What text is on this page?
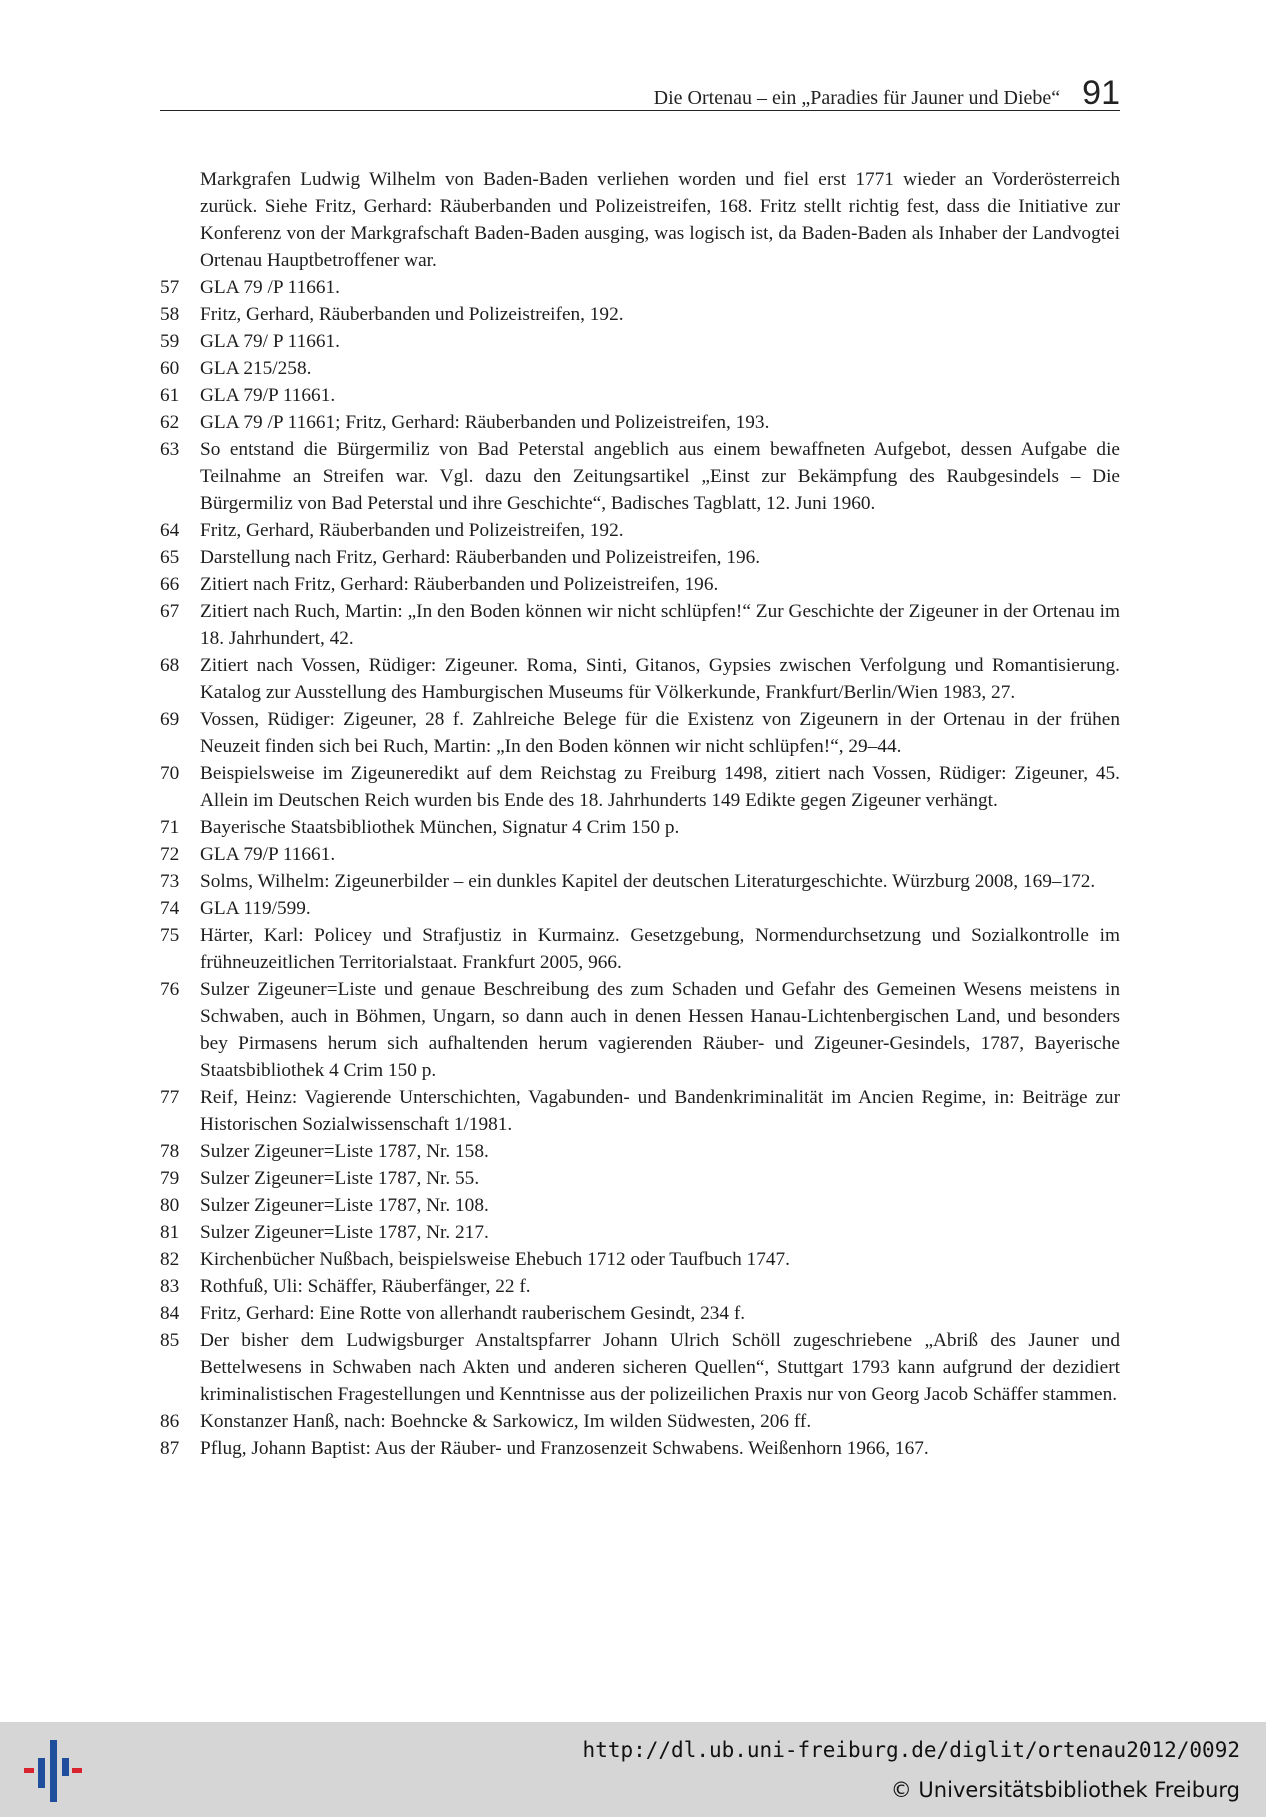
Die Ortenau – ein „Paradies für Jauner und Diebe“ 91

Markgrafen Ludwig Wilhelm von Baden-Baden verliehen worden und fiel erst 1771 wieder an Vorderösterreich zurück. Siehe Fritz, Gerhard: Räuberbanden und Polizeistreifen, 168. Fritz stellt richtig fest, dass die Initiative zur Konferenz von der Markgrafschaft Baden-Baden ausging, was logisch ist, da Baden-Baden als Inhaber der Landvogtei Ortenau Hauptbetroffener war.

57	GLA 79 /P 11661.
58	Fritz, Gerhard, Räuberbanden und Polizeistreifen, 192.
59	GLA 79/ P 11661.
60	GLA 215/258.
61	GLA 79/P 11661.
62	GLA 79 /P 11661; Fritz, Gerhard: Räuberbanden und Polizeistreifen, 193.
63	So entstand die Bürgermiliz von Bad Peterstal angeblich aus einem bewaffneten Aufgebot, dessen Aufgabe die Teilnahme an Streifen war. Vgl. dazu den Zeitungsartikel „Einst zur Bekämpfung des Raubgesindels – Die Bürgermiliz von Bad Peterstal und ihre Geschichte“, Badisches Tagblatt, 12. Juni 1960.
64	Fritz, Gerhard, Räuberbanden und Polizeistreifen, 192.
65	Darstellung nach Fritz, Gerhard: Räuberbanden und Polizeistreifen, 196.
66	Zitiert nach Fritz, Gerhard: Räuberbanden und Polizeistreifen, 196.
67	Zitiert nach Ruch, Martin: „In den Boden können wir nicht schlüpfen!“ Zur Geschichte der Zigeuner in der Ortenau im 18. Jahrhundert, 42.
68	Zitiert nach Vossen, Rüdiger: Zigeuner. Roma, Sinti, Gitanos, Gypsies zwischen Verfolgung und Romantisierung. Katalog zur Ausstellung des Hamburgischen Museums für Völkerkunde, Frankfurt/Berlin/Wien 1983, 27.
69	Vossen, Rüdiger: Zigeuner, 28 f. Zahlreiche Belege für die Existenz von Zigeunern in der Ortenau in der frühen Neuzeit finden sich bei Ruch, Martin: „In den Boden können wir nicht schlüpfen!“, 29–44.
70	Beispielsweise im Zigeuneredikt auf dem Reichstag zu Freiburg 1498, zitiert nach Vossen, Rüdiger: Zigeuner, 45. Allein im Deutschen Reich wurden bis Ende des 18. Jahrhunderts 149 Edikte gegen Zigeuner verhängt.
71	Bayerische Staatsbibliothek München, Signatur 4 Crim 150 p.
72	GLA 79/P 11661.
73	Solms, Wilhelm: Zigeunerbilder – ein dunkles Kapitel der deutschen Literaturgeschichte. Würzburg 2008, 169–172.
74	GLA 119/599.
75	Härter, Karl: Policey und Strafjustiz in Kurmainz. Gesetzgebung, Normendurchsetzung und Sozialkontrolle im frühneuzeitlichen Territorialstaat. Frankfurt 2005, 966.
76	Sulzer Zigeuner=Liste und genaue Beschreibung des zum Schaden und Gefahr des Gemeinen Wesens meistens in Schwaben, auch in Böhmen, Ungarn, so dann auch in denen Hessen Hanau-Lichtenbergischen Land, und besonders bey Pirmasens herum sich aufhaltenden herum vagierenden Räuber- und Zigeuner-Gesindels, 1787, Bayerische Staatsbibliothek 4 Crim 150 p.
77	Reif, Heinz: Vagierende Unterschichten, Vagabunden- und Bandenkriminalität im Ancien Regime, in: Beiträge zur Historischen Sozialwissenschaft 1/1981.
78	Sulzer Zigeuner=Liste 1787, Nr. 158.
79	Sulzer Zigeuner=Liste 1787, Nr. 55.
80	Sulzer Zigeuner=Liste 1787, Nr. 108.
81	Sulzer Zigeuner=Liste 1787, Nr. 217.
82	Kirchenbücher Nußbach, beispielsweise Ehebuch 1712 oder Taufbuch 1747.
83	Rothfuß, Uli: Schäffer, Räuberfänger, 22 f.
84	Fritz, Gerhard: Eine Rotte von allerhandt rauberischem Gesindt, 234 f.
85	Der bisher dem Ludwigsburger Anstaltspfarrer Johann Ulrich Schöll zugeschriebene „Abriß des Jauner und Bettelwesens in Schwaben nach Akten und anderen sicheren Quellen“, Stuttgart 1793 kann aufgrund der dezidiert kriminalistischen Fragestellungen und Kenntnisse aus der polizeilichen Praxis nur von Georg Jacob Schäffer stammen.
86	Konstanzer Hanß, nach: Boehncke & Sarkowicz, Im wilden Südwesten, 206 ff.
87	Pflug, Johann Baptist: Aus der Räuber- und Franzosenzeit Schwabens. Weißenhorn 1966, 167.
http://dl.ub.uni-freiburg.de/diglit/ortenau2012/0092
© Universitätsbibliothek Freiburg
